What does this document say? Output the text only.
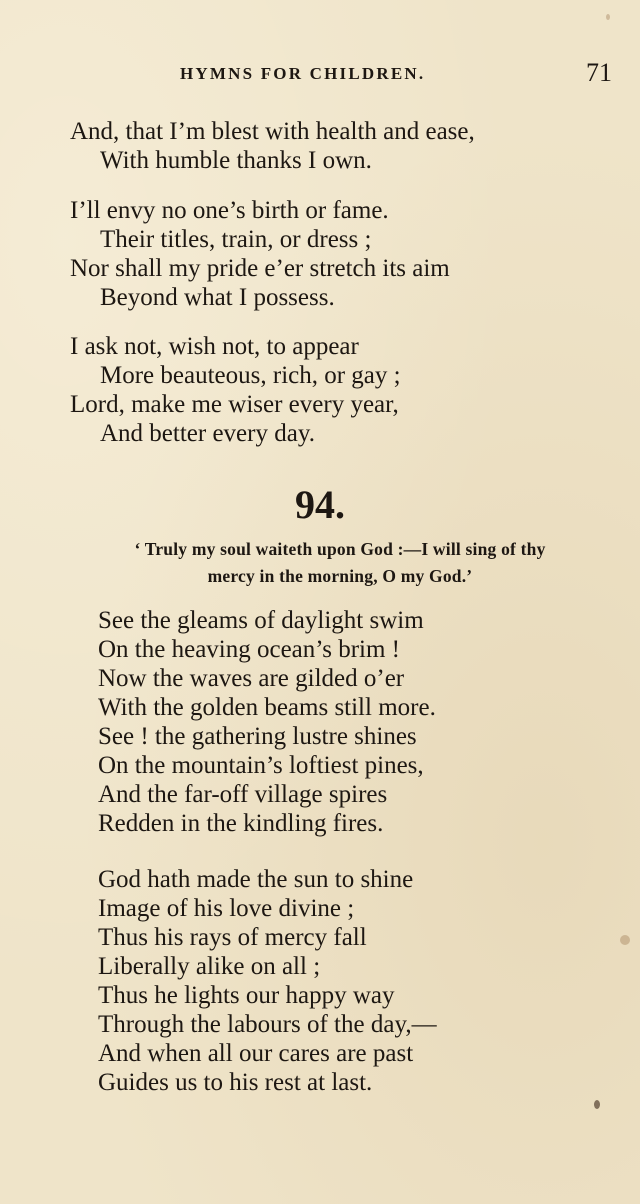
HYMNS FOR CHILDREN.	71
And, that I’m blest with health and ease,
With humble thanks I own.
I’ll envy no one’s birth or fame.
Their titles, train, or dress ;
Nor shall my pride e’er stretch its aim
Beyond what I possess.
I ask not, wish not, to appear
More beauteous, rich, or gay ;
Lord, make me wiser every year,
And better every day.
94.
‘ Truly my soul waiteth upon God :—I will sing of thy
mercy in the morning, O my God.’
See the gleams of daylight swim
On the heaving ocean’s brim !
Now the waves are gilded o’er
With the golden beams still more.
See ! the gathering lustre shines
On the mountain’s loftiest pines,
And the far-off village spires
Redden in the kindling fires.
God hath made the sun to shine
Image of his love divine ;
Thus his rays of mercy fall
Liberally alike on all ;
Thus he lights our happy way
Through the labours of the day,—
And when all our cares are past
Guides us to his rest at last.
